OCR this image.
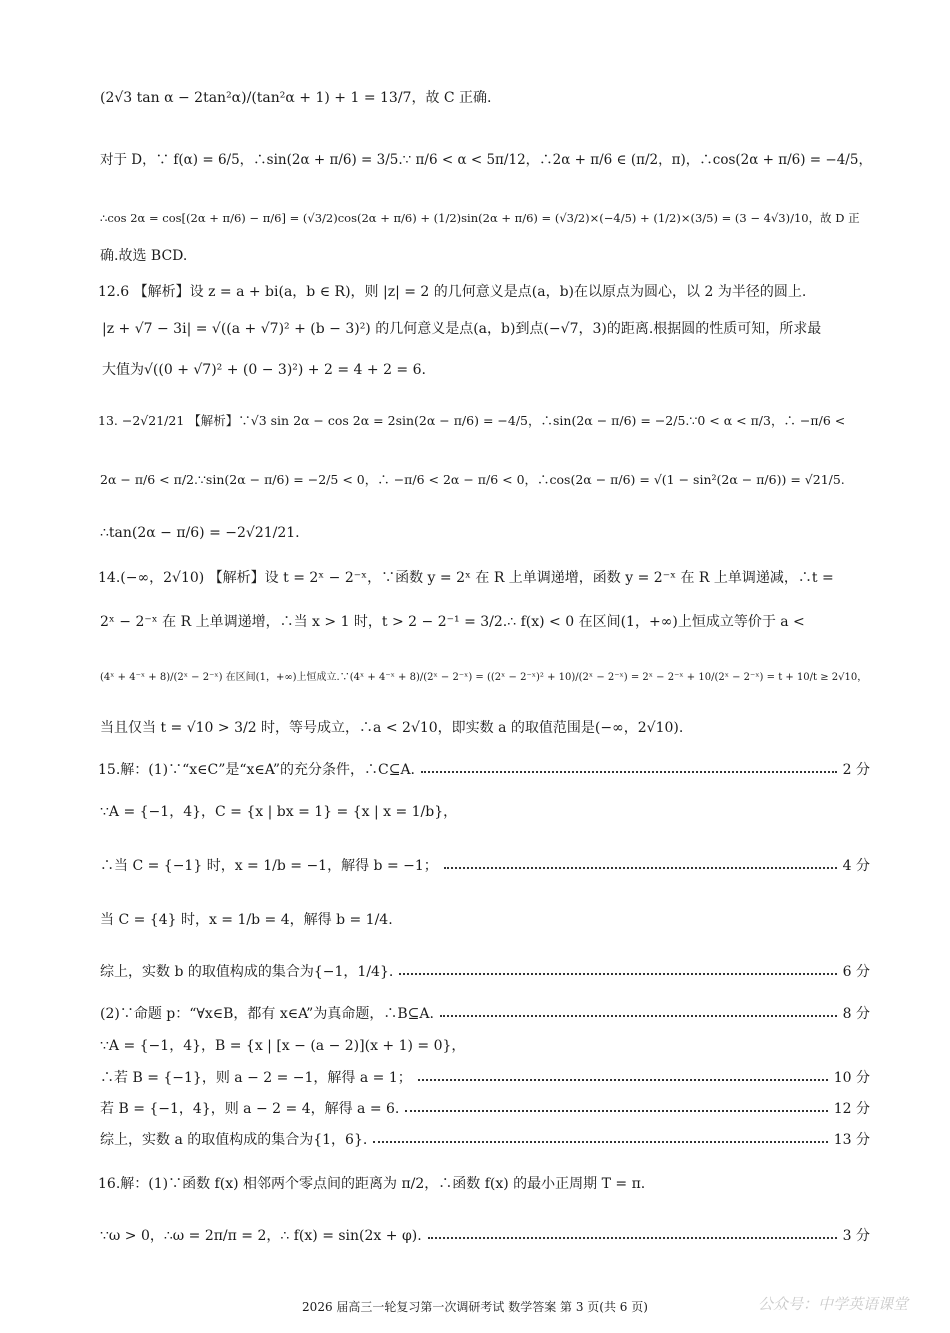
(2√3 tan α − 2tan²α)/(tan²α + 1) + 1 = 13/7，故 C 正确.
对于 D，∵ f(α) = 6/5，∴sin(2α + π/6) = 3/5.∵ π/6 < α < 5π/12，∴2α + π/6 ∈ (π/2，π)，∴cos(2α + π/6) = −4/5，
∴cos 2α = cos[(2α + π/6) − π/6] = (√3/2)cos(2α + π/6) + (1/2)sin(2α + π/6) = (√3/2)×(−4/5) + (1/2)×(3/5) = (3 − 4√3)/10，故 D 正
确.故选 BCD.
12.6 【解析】设 z = a + bi(a，b ∈ R)，则 |z| = 2 的几何意义是点(a，b)在以原点为圆心，以 2 为半径的圆上.
|z + √7 − 3i| = √((a + √7)² + (b − 3)²) 的几何意义是点(a，b)到点(−√7，3)的距离.根据圆的性质可知，所求最
大值为√((0 + √7)² + (0 − 3)²) + 2 = 4 + 2 = 6.
13. −2√21/21 【解析】∵√3 sin 2α − cos 2α = 2sin(2α − π/6) = −4/5，∴sin(2α − π/6) = −2/5.∵0 < α < π/3，∴ −π/6 <
2α − π/6 < π/2.∵sin(2α − π/6) = −2/5 < 0，∴ −π/6 < 2α − π/6 < 0，∴cos(2α − π/6) = √(1 − sin²(2α − π/6)) = √21/5.
∴tan(2α − π/6) = −2√21/21.
14.(−∞，2√10) 【解析】设 t = 2ˣ − 2⁻ˣ，∵函数 y = 2ˣ 在 R 上单调递增，函数 y = 2⁻ˣ 在 R 上单调递减，∴t =
2ˣ − 2⁻ˣ 在 R 上单调递增，∴当 x > 1 时，t > 2 − 2⁻¹ = 3/2.∴ f(x) < 0 在区间(1，+∞)上恒成立等价于 a <
(4ˣ + 4⁻ˣ + 8)/(2ˣ − 2⁻ˣ) 在区间(1，+∞)上恒成立.∵(4ˣ + 4⁻ˣ + 8)/(2ˣ − 2⁻ˣ) = ((2ˣ − 2⁻ˣ)² + 10)/(2ˣ − 2⁻ˣ) = 2ˣ − 2⁻ˣ + 10/(2ˣ − 2⁻ˣ) = t + 10/t ≥ 2√10，
当且仅当 t = √10 > 3/2 时，等号成立，∴a < 2√10，即实数 a 的取值范围是(−∞，2√10).
15.解：(1)∵“x∈C”是“x∈A”的充分条件，∴C⊆A.	2 分
∵A = {−1，4}，C = {x | bx = 1} = {x | x = 1/b}，
∴当 C = {−1} 时，x = 1/b = −1，解得 b = −1；	4 分
当 C = {4} 时，x = 1/b = 4，解得 b = 1/4.
综上，实数 b 的取值构成的集合为{−1，1/4}.	6 分
(2)∵命题 p：“∀x∈B，都有 x∈A”为真命题，∴B⊆A.	8 分
∵A = {−1，4}，B = {x | [x − (a − 2)](x + 1) = 0}，
∴若 B = {−1}，则 a − 2 = −1，解得 a = 1；	10 分
若 B = {−1，4}，则 a − 2 = 4，解得 a = 6.	12 分
综上，实数 a 的取值构成的集合为{1，6}.	13 分
16.解：(1)∵函数 f(x) 相邻两个零点间的距离为 π/2，∴函数 f(x) 的最小正周期 T = π.
∵ω > 0，∴ω = 2π/π = 2，∴ f(x) = sin(2x + φ).	3 分
2026 届高三一轮复习第一次调研考试 数学答案 第 3 页(共 6 页)	公众号：中学英语课堂
